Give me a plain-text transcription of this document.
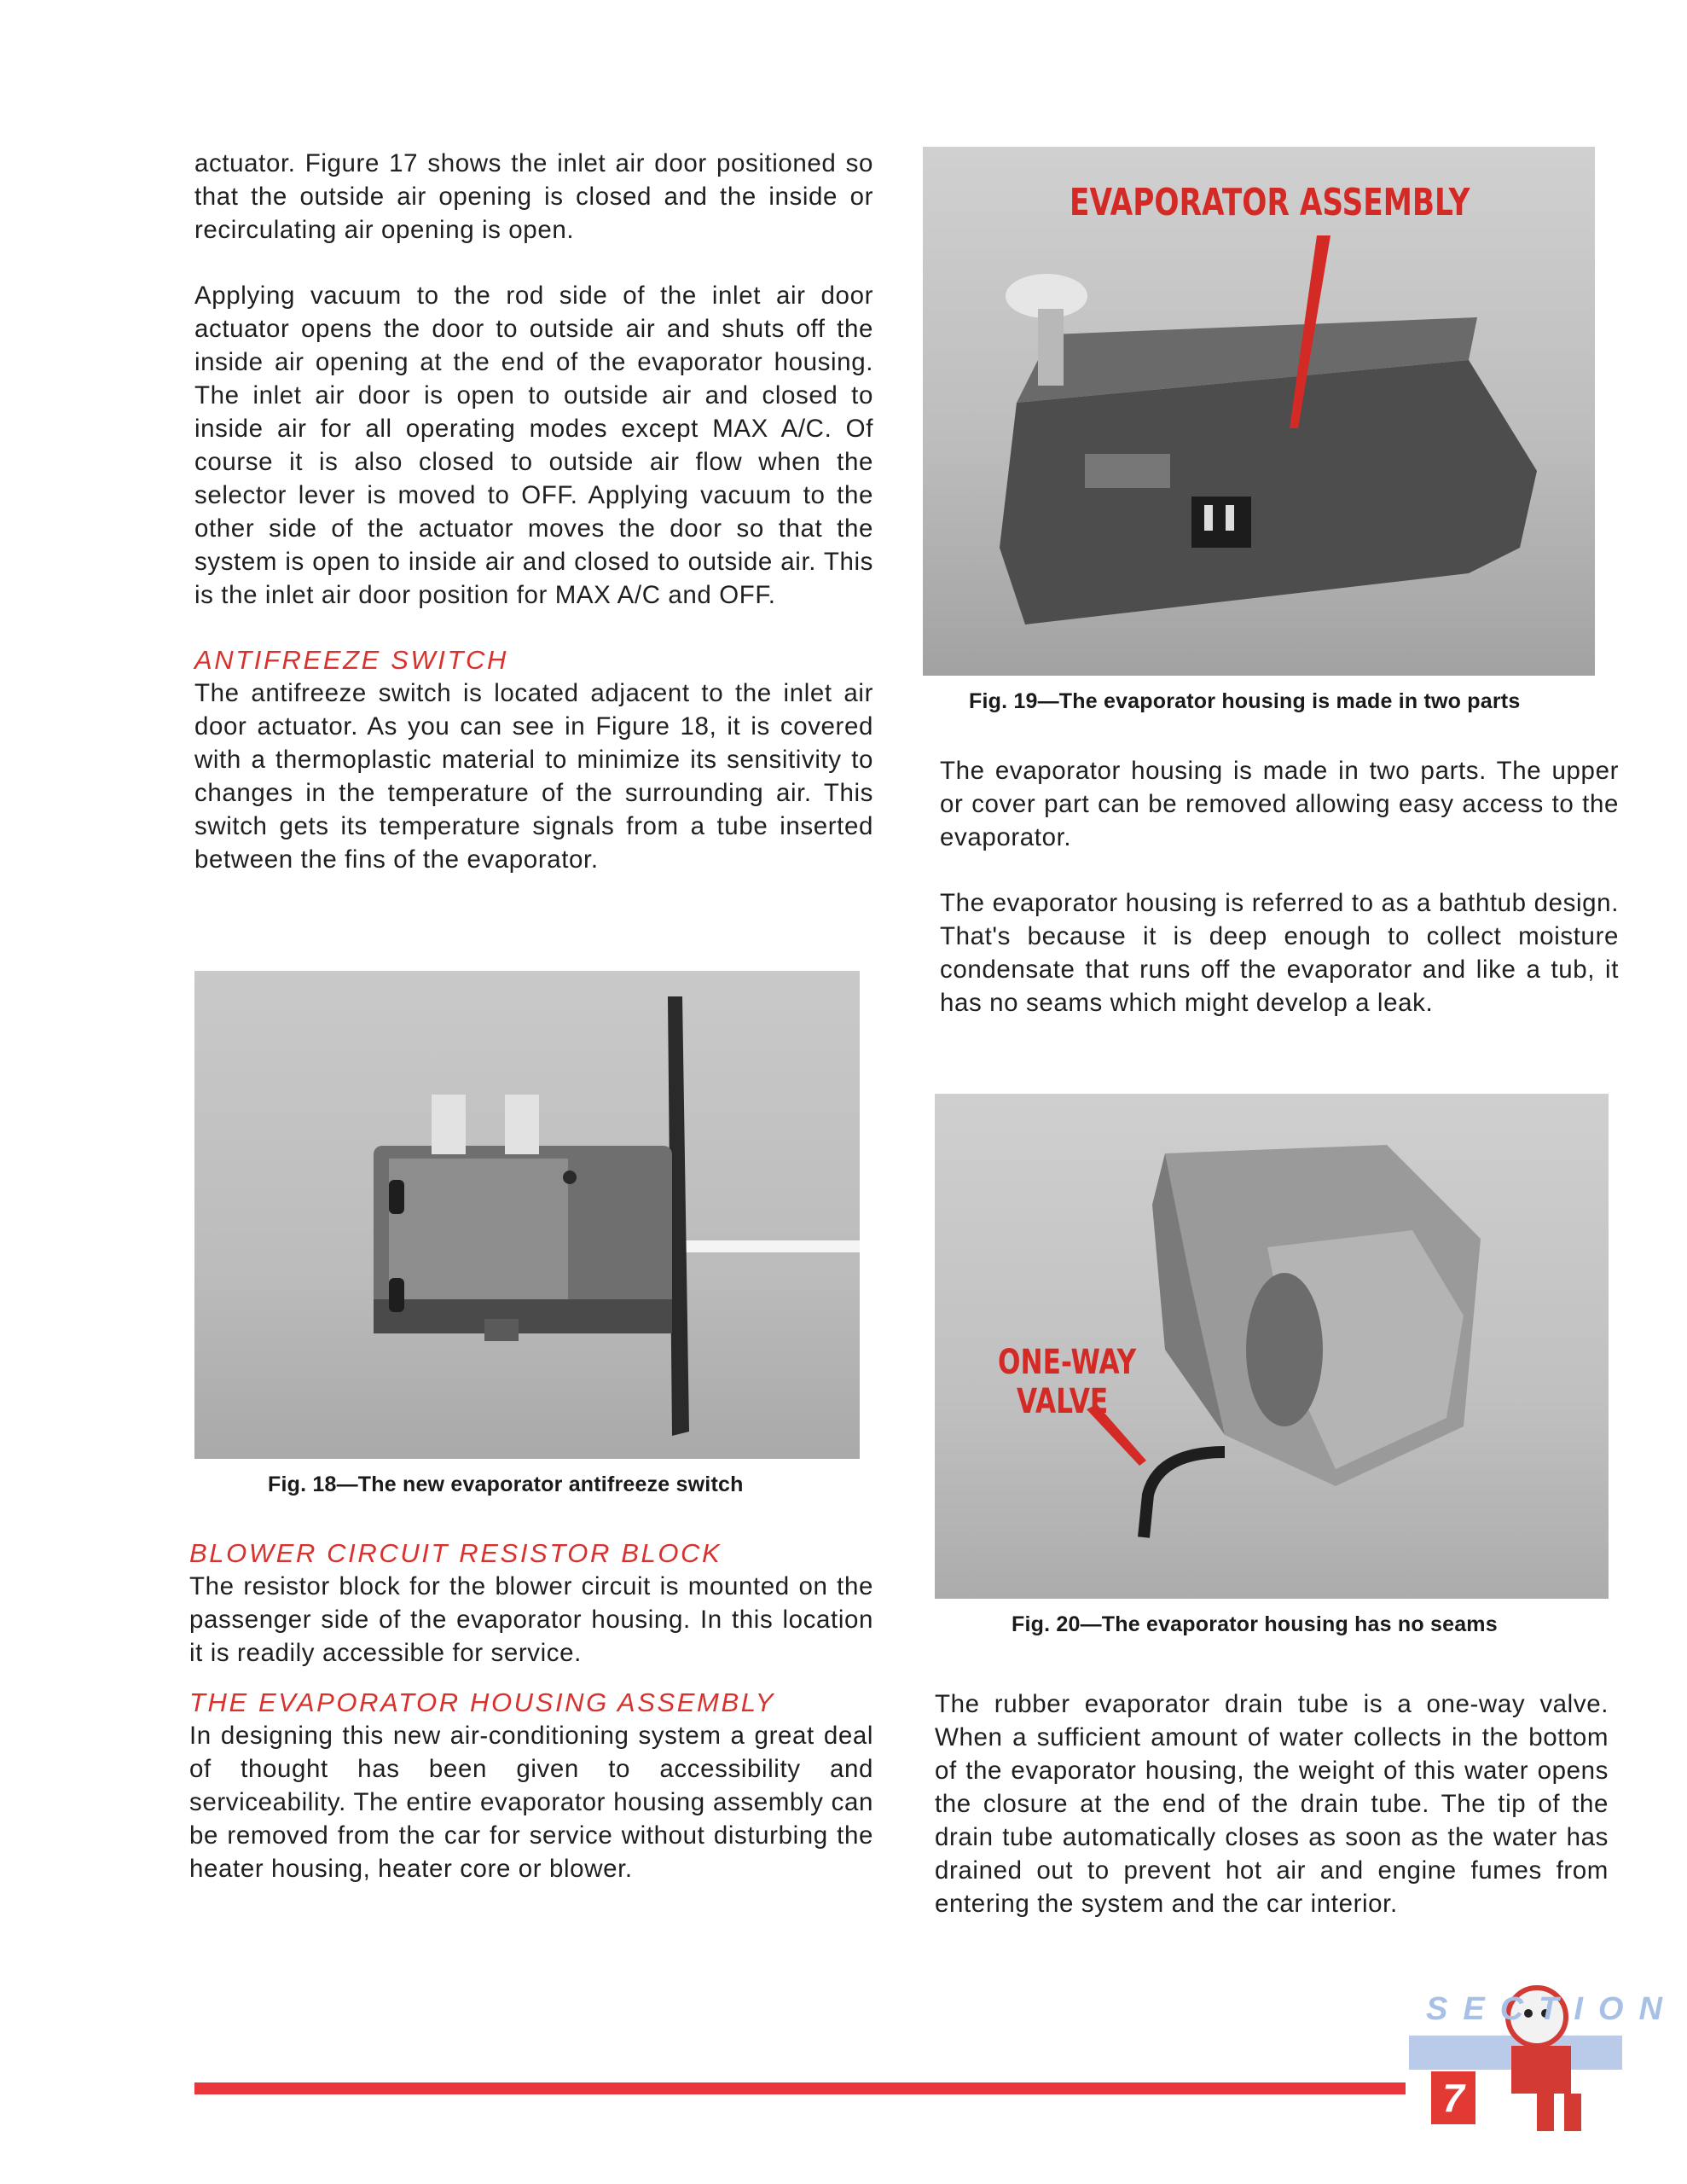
actuator. Figure 17 shows the inlet air door positioned so that the outside air opening is closed and the inside or recirculating air opening is open.

Applying vacuum to the rod side of the inlet air door actuator opens the door to outside air and shuts off the inside air opening at the end of the evaporator housing. The inlet air door is open to outside air and closed to inside air for all operating modes except MAX A/C. Of course it is also closed to outside air flow when the selector lever is moved to OFF. Applying vacuum to the other side of the actuator moves the door so that the system is open to inside air and closed to outside air. This is the inlet air door position for MAX A/C and OFF.

ANTIFREEZE SWITCH

The antifreeze switch is located adjacent to the inlet air door actuator. As you can see in Figure 18, it is covered with a thermoplastic material to minimize its sensitivity to changes in the temperature of the surrounding air. This switch gets its temperature signals from a tube inserted between the fins of the evaporator.

Fig. 18—The new evaporator antifreeze switch
BLOWER CIRCUIT RESISTOR BLOCK

The resistor block for the blower circuit is mounted on the passenger side of the evaporator housing. In this location it is readily accessible for service.

THE EVAPORATOR HOUSING ASSEMBLY

In designing this new air-conditioning system a great deal of thought has been given to accessibility and serviceability. The entire evaporator housing assembly can be removed from the car for service without disturbing the heater housing, heater core or blower.

EVAPORATOR ASSEMBLY
Fig. 19—The evaporator housing is made in two parts

The evaporator housing is made in two parts. The upper or cover part can be removed allowing easy access to the evaporator.

The evaporator housing is referred to as a bathtub design. That's because it is deep enough to collect moisture condensate that runs off the evaporator and like a tub, it has no seams which might develop a leak.

ONE-WAY
VALVE
Fig. 20—The evaporator housing has no seams

The rubber evaporator drain tube is a one-way valve. When a sufficient amount of water collects in the bottom of the evaporator housing, the weight of this water opens the closure at the end of the drain tube. The tip of the drain tube automatically closes as soon as the water has drained out to prevent hot air and engine fumes from entering the system and the car interior.

SECTION
7
